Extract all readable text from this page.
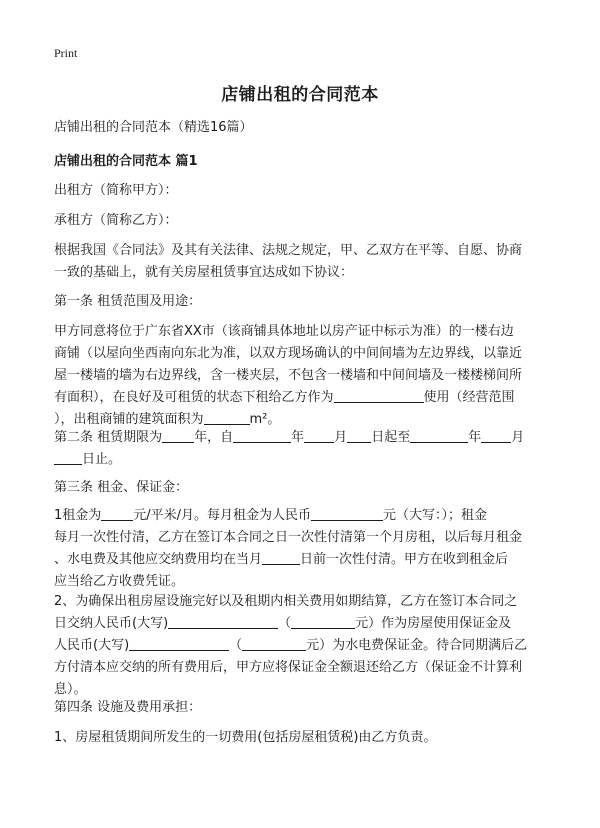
Print
店铺出租的合同范本

店铺出租的合同范本（精选16篇）

店铺出租的合同范本 篇1

出租方（简称甲方）：

承租方（简称乙方）：

根据我国《合同法》及其有关法律、法规之规定，甲、乙双方在平等、自愿、协商
一致的基础上，就有关房屋租赁事宜达成如下协议：

第一条 租赁范围及用途：

甲方同意将位于广东省XX市（该商铺具体地址以房产证中标示为准）的一楼右边
商铺（以屋向坐西南向东北为准，以双方现场确认的中间间墙为左边界线，以靠近
屋一楼墙的墙为右边界线，含一楼夹层，不包含一楼墙和中间间墙及一楼楼梯间所
有面积），在良好及可租赁的状态下租给乙方作为	使用（经营范围
），出租商铺的建筑面积为	m²。
第二条 租赁期限为 年，自	年 月 日起至	年 月
日止。

第三条 租金、保证金：

1租金为 元/平米/月。每月租金为人民币	元（大写：）；租金
每月一次性付清，乙方在签订本合同之日一次性付清第一个月房租，以后每月租金
、水电费及其他应交纳费用均在当月	日前一次性付清。甲方在收到租金后
应当给乙方收费凭证。
2、为确保出租房屋设施完好以及租期内相关费用如期结算，乙方在签订本合同之
日交纳人民币(大写)	（	元）作为房屋使用保证金及
人民币(大写)	（	元）为水电费保证金。待合同期满后乙
方付清本应交纳的所有费用后，甲方应将保证金全额退还给乙方（保证金不计算利
息）。

第四条 设施及费用承担：

1、房屋租赁期间所发生的一切费用(包括房屋租赁税)由乙方负责。
